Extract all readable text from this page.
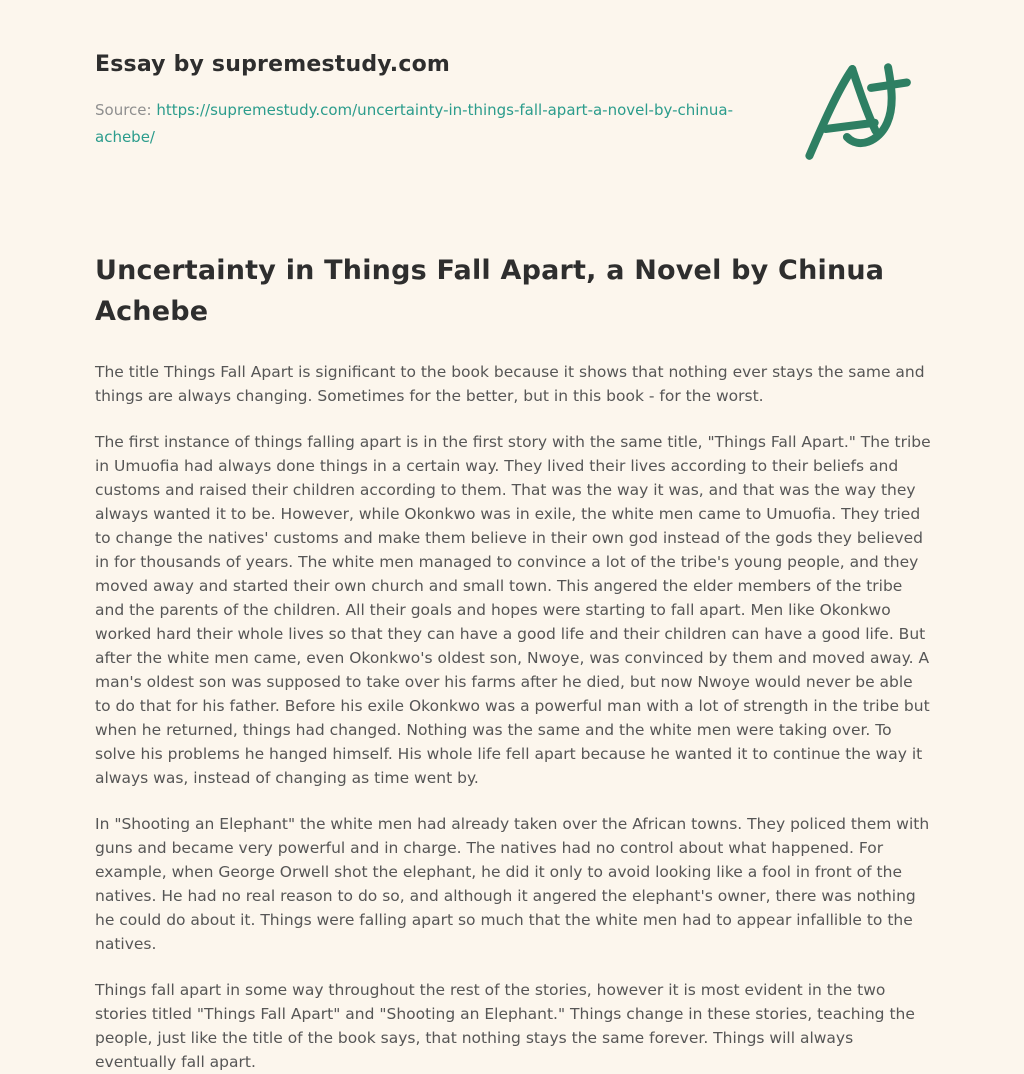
Essay by supremestudy.com
Source: https://supremestudy.com/uncertainty-in-things-fall-apart-a-novel-by-chinua-achebe/
Uncertainty in Things Fall Apart, a Novel by Chinua Achebe

The title Things Fall Apart is significant to the book because it shows that nothing ever stays the same and things are always changing. Sometimes for the better, but in this book - for the worst.

The first instance of things falling apart is in the first story with the same title, "Things Fall Apart." The tribe in Umuofia had always done things in a certain way. They lived their lives according to their beliefs and customs and raised their children according to them. That was the way it was, and that was the way they always wanted it to be. However, while Okonkwo was in exile, the white men came to Umuofia. They tried to change the natives' customs and make them believe in their own god instead of the gods they believed in for thousands of years. The white men managed to convince a lot of the tribe's young people, and they moved away and started their own church and small town. This angered the elder members of the tribe and the parents of the children. All their goals and hopes were starting to fall apart. Men like Okonkwo worked hard their whole lives so that they can have a good life and their children can have a good life. But after the white men came, even Okonkwo's oldest son, Nwoye, was convinced by them and moved away. A man's oldest son was supposed to take over his farms after he died, but now Nwoye would never be able to do that for his father. Before his exile Okonkwo was a powerful man with a lot of strength in the tribe but when he returned, things had changed. Nothing was the same and the white men were taking over. To solve his problems he hanged himself. His whole life fell apart because he wanted it to continue the way it always was, instead of changing as time went by.

In "Shooting an Elephant" the white men had already taken over the African towns. They policed them with guns and became very powerful and in charge. The natives had no control about what happened. For example, when George Orwell shot the elephant, he did it only to avoid looking like a fool in front of the natives. He had no real reason to do so, and although it angered the elephant's owner, there was nothing he could do about it. Things were falling apart so much that the white men had to appear infallible to the natives.

Things fall apart in some way throughout the rest of the stories, however it is most evident in the two stories titled "Things Fall Apart" and "Shooting an Elephant." Things change in these stories, teaching the people, just like the title of the book says, that nothing stays the same forever. Things will always eventually fall apart.
